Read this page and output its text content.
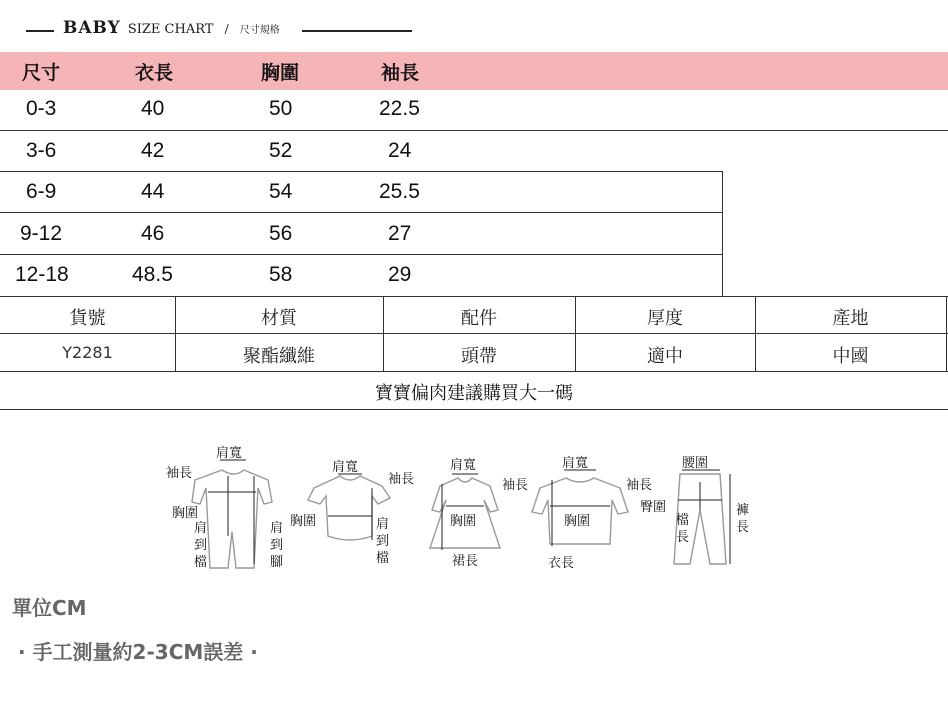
BABY SIZE CHART / 尺寸規格
尺寸	衣長	胸圍	袖長
0-3	40	50	22.5
3-6	42	52	24
6-9	44	54	25.5
9-12	46	56	27
12-18	48.5	58	29
貨號	材質	配件	厚度	產地
Y2281	聚酯纖維	頭帶	適中	中國
寶寶偏肉建議購買大一碼
肩寬
袖長
胸圍
肩到檔
肩到腳
肩寬
袖長
胸圍	肩到檔
肩寬
袖長
胸圍
裙長
肩寬
袖長
胸圍
衣長
腰圍
臀圍
檔長
褲長
單位CM
· 手工測量約2-3CM誤差 ·
